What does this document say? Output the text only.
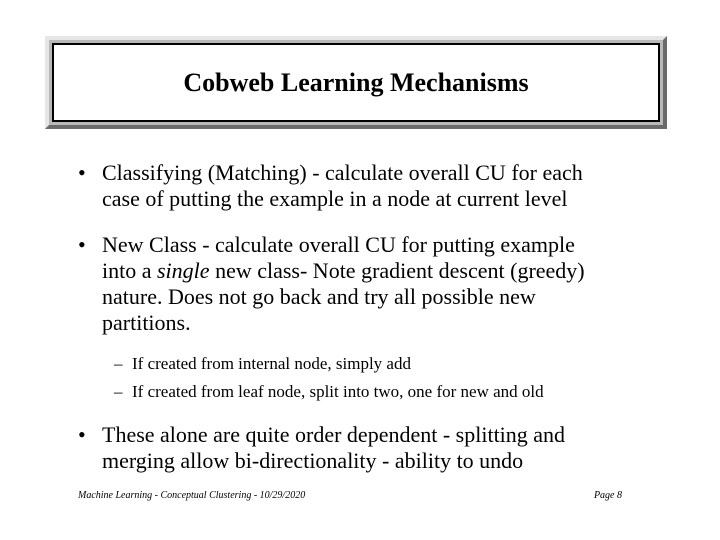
Cobweb Learning Mechanisms
• Classifying (Matching) - calculate overall CU for each
case of putting the example in a node at current level
• New Class - calculate overall CU for putting example
into a single new class- Note gradient descent (greedy)
nature. Does not go back and try all possible new
partitions.
– If created from internal node, simply add
– If created from leaf node, split into two, one for new and old
• These alone are quite order dependent - splitting and
merging allow bi-directionality - ability to undo
Machine Learning - Conceptual Clustering - 10/29/2020	Page 8
